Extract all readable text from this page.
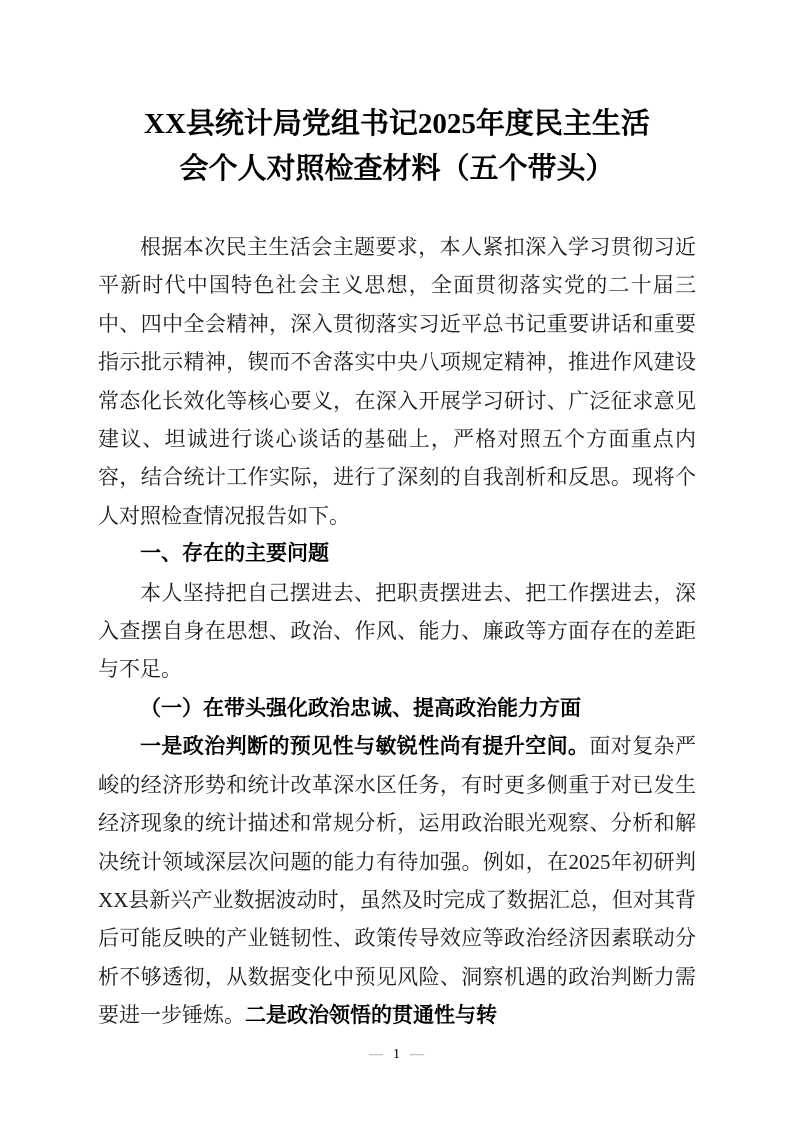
XX县统计局党组书记2025年度民主生活
会个人对照检查材料（五个带头）

根据本次民主生活会主题要求，本人紧扣深入学习贯彻习近平新时代中国特色社会主义思想，全面贯彻落实党的二十届三中、四中全会精神，深入贯彻落实习近平总书记重要讲话和重要指示批示精神，锲而不舍落实中央八项规定精神，推进作风建设常态化长效化等核心要义，在深入开展学习研讨、广泛征求意见建议、坦诚进行谈心谈话的基础上，严格对照五个方面重点内容，结合统计工作实际，进行了深刻的自我剖析和反思。现将个人对照检查情况报告如下。

一、存在的主要问题

本人坚持把自己摆进去、把职责摆进去、把工作摆进去，深入查摆自身在思想、政治、作风、能力、廉政等方面存在的差距与不足。

（一）在带头强化政治忠诚、提高政治能力方面

一是政治判断的预见性与敏锐性尚有提升空间。面对复杂严峻的经济形势和统计改革深水区任务，有时更多侧重于对已发生经济现象的统计描述和常规分析，运用政治眼光观察、分析和解决统计领域深层次问题的能力有待加强。例如，在2025年初研判XX县新兴产业数据波动时，虽然及时完成了数据汇总，但对其背后可能反映的产业链韧性、政策传导效应等政治经济因素联动分析不够透彻，从数据变化中预见风险、洞察机遇的政治判断力需要进一步锤炼。二是政治领悟的贯通性与转

— 1 —
